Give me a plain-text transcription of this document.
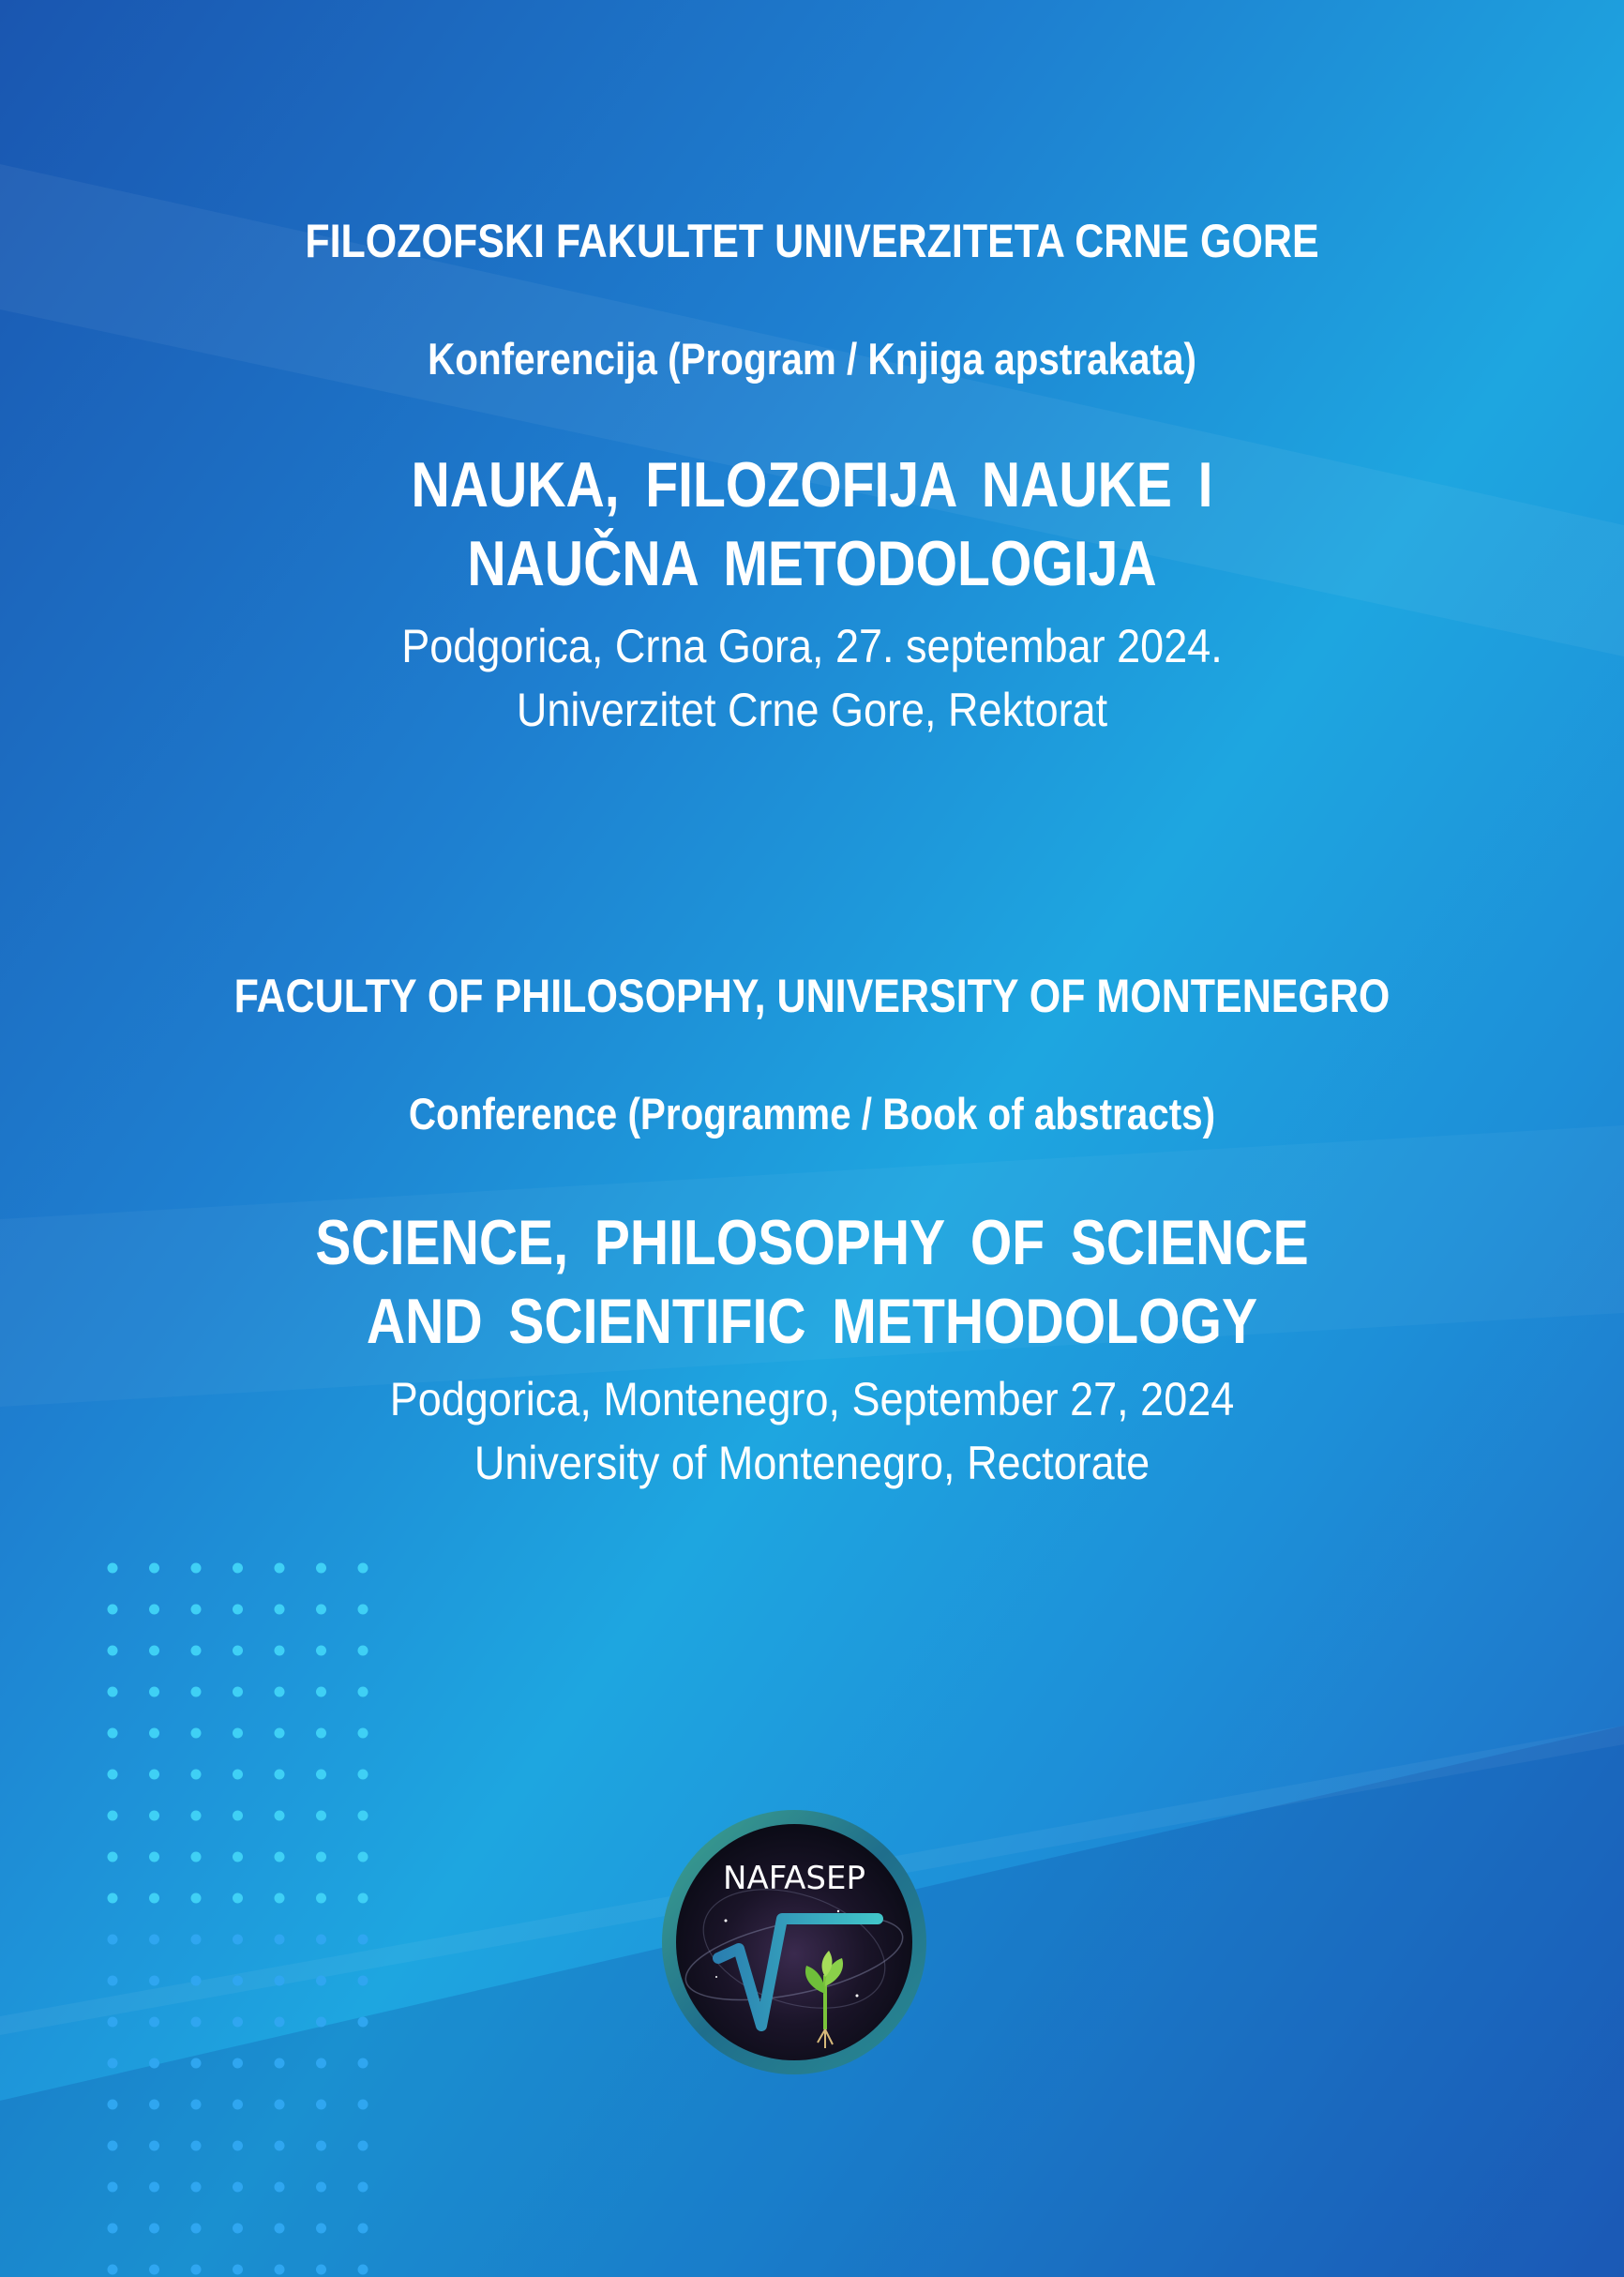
FILOZOFSKI FAKULTET UNIVERZITETA CRNE GORE
Konferencija (Program / Knjiga apstrakata)
NAUKA, FILOZOFIJA NAUKE I
NAUČNA METODOLOGIJA
Podgorica, Crna Gora, 27. septembar 2024.
Univerzitet Crne Gore, Rektorat
FACULTY OF PHILOSOPHY, UNIVERSITY OF MONTENEGRO
Conference (Programme / Book of abstracts)
SCIENCE, PHILOSOPHY OF SCIENCE
AND SCIENTIFIC METHODOLOGY
Podgorica, Montenegro, September 27, 2024
University of Montenegro, Rectorate
NAFASEP
